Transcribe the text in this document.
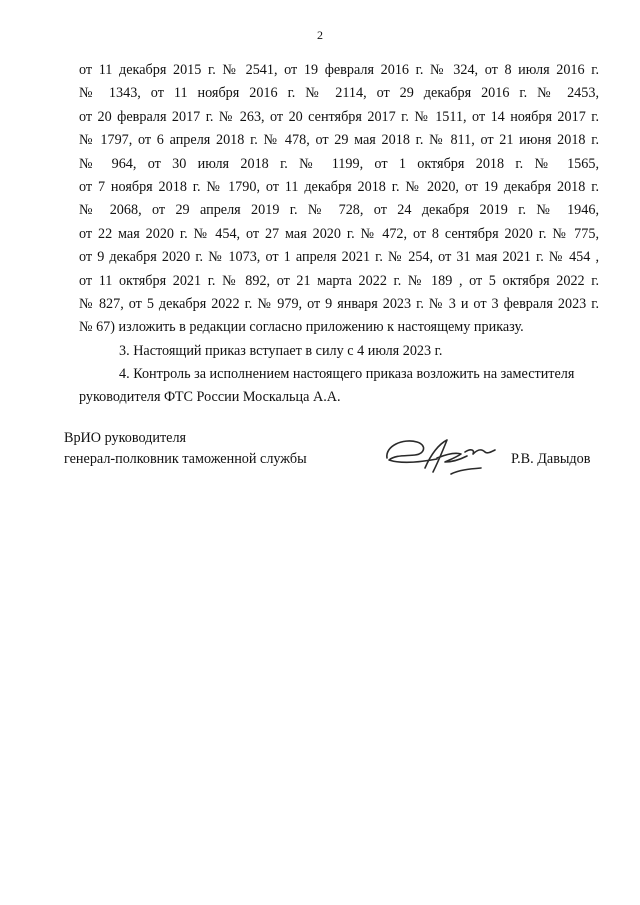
2
от 11 декабря 2015 г. № 2541, от 19 февраля 2016 г. № 324, от 8 июля 2016 г.
№ 1343, от 11 ноября 2016 г. № 2114, от 29 декабря 2016 г. № 2453,
от 20 февраля 2017 г. № 263, от 20 сентября 2017 г. № 1511, от 14 ноября 2017 г.
№ 1797, от 6 апреля 2018 г. № 478, от 29 мая 2018 г. № 811, от 21 июня 2018 г.
№ 964, от 30 июля 2018 г. № 1199, от 1 октября 2018 г. № 1565,
от 7 ноября 2018 г. № 1790, от 11 декабря 2018 г. № 2020, от 19 декабря 2018 г.
№ 2068, от 29 апреля 2019 г. № 728, от 24 декабря 2019 г. № 1946,
от 22 мая 2020 г. № 454, от 27 мая 2020 г. № 472, от 8 сентября 2020 г. № 775,
от 9 декабря 2020 г. № 1073, от 1 апреля 2021 г. № 254, от 31 мая 2021 г. № 454 ,
от 11 октября 2021 г. № 892, от 21 марта 2022 г. № 189 , от 5 октября 2022 г.
№ 827, от 5 декабря 2022 г. № 979, от 9 января 2023 г. № 3 и от 3 февраля 2023 г.
№ 67) изложить в редакции согласно приложению к настоящему приказу.
3. Настоящий приказ вступает в силу с 4 июля 2023 г.
4. Контроль за исполнением настоящего приказа возложить на заместителя
руководителя ФТС России Москальца А.А.
ВрИО руководителя
генерал-полковник таможенной службы	Р.В. Давыдов
